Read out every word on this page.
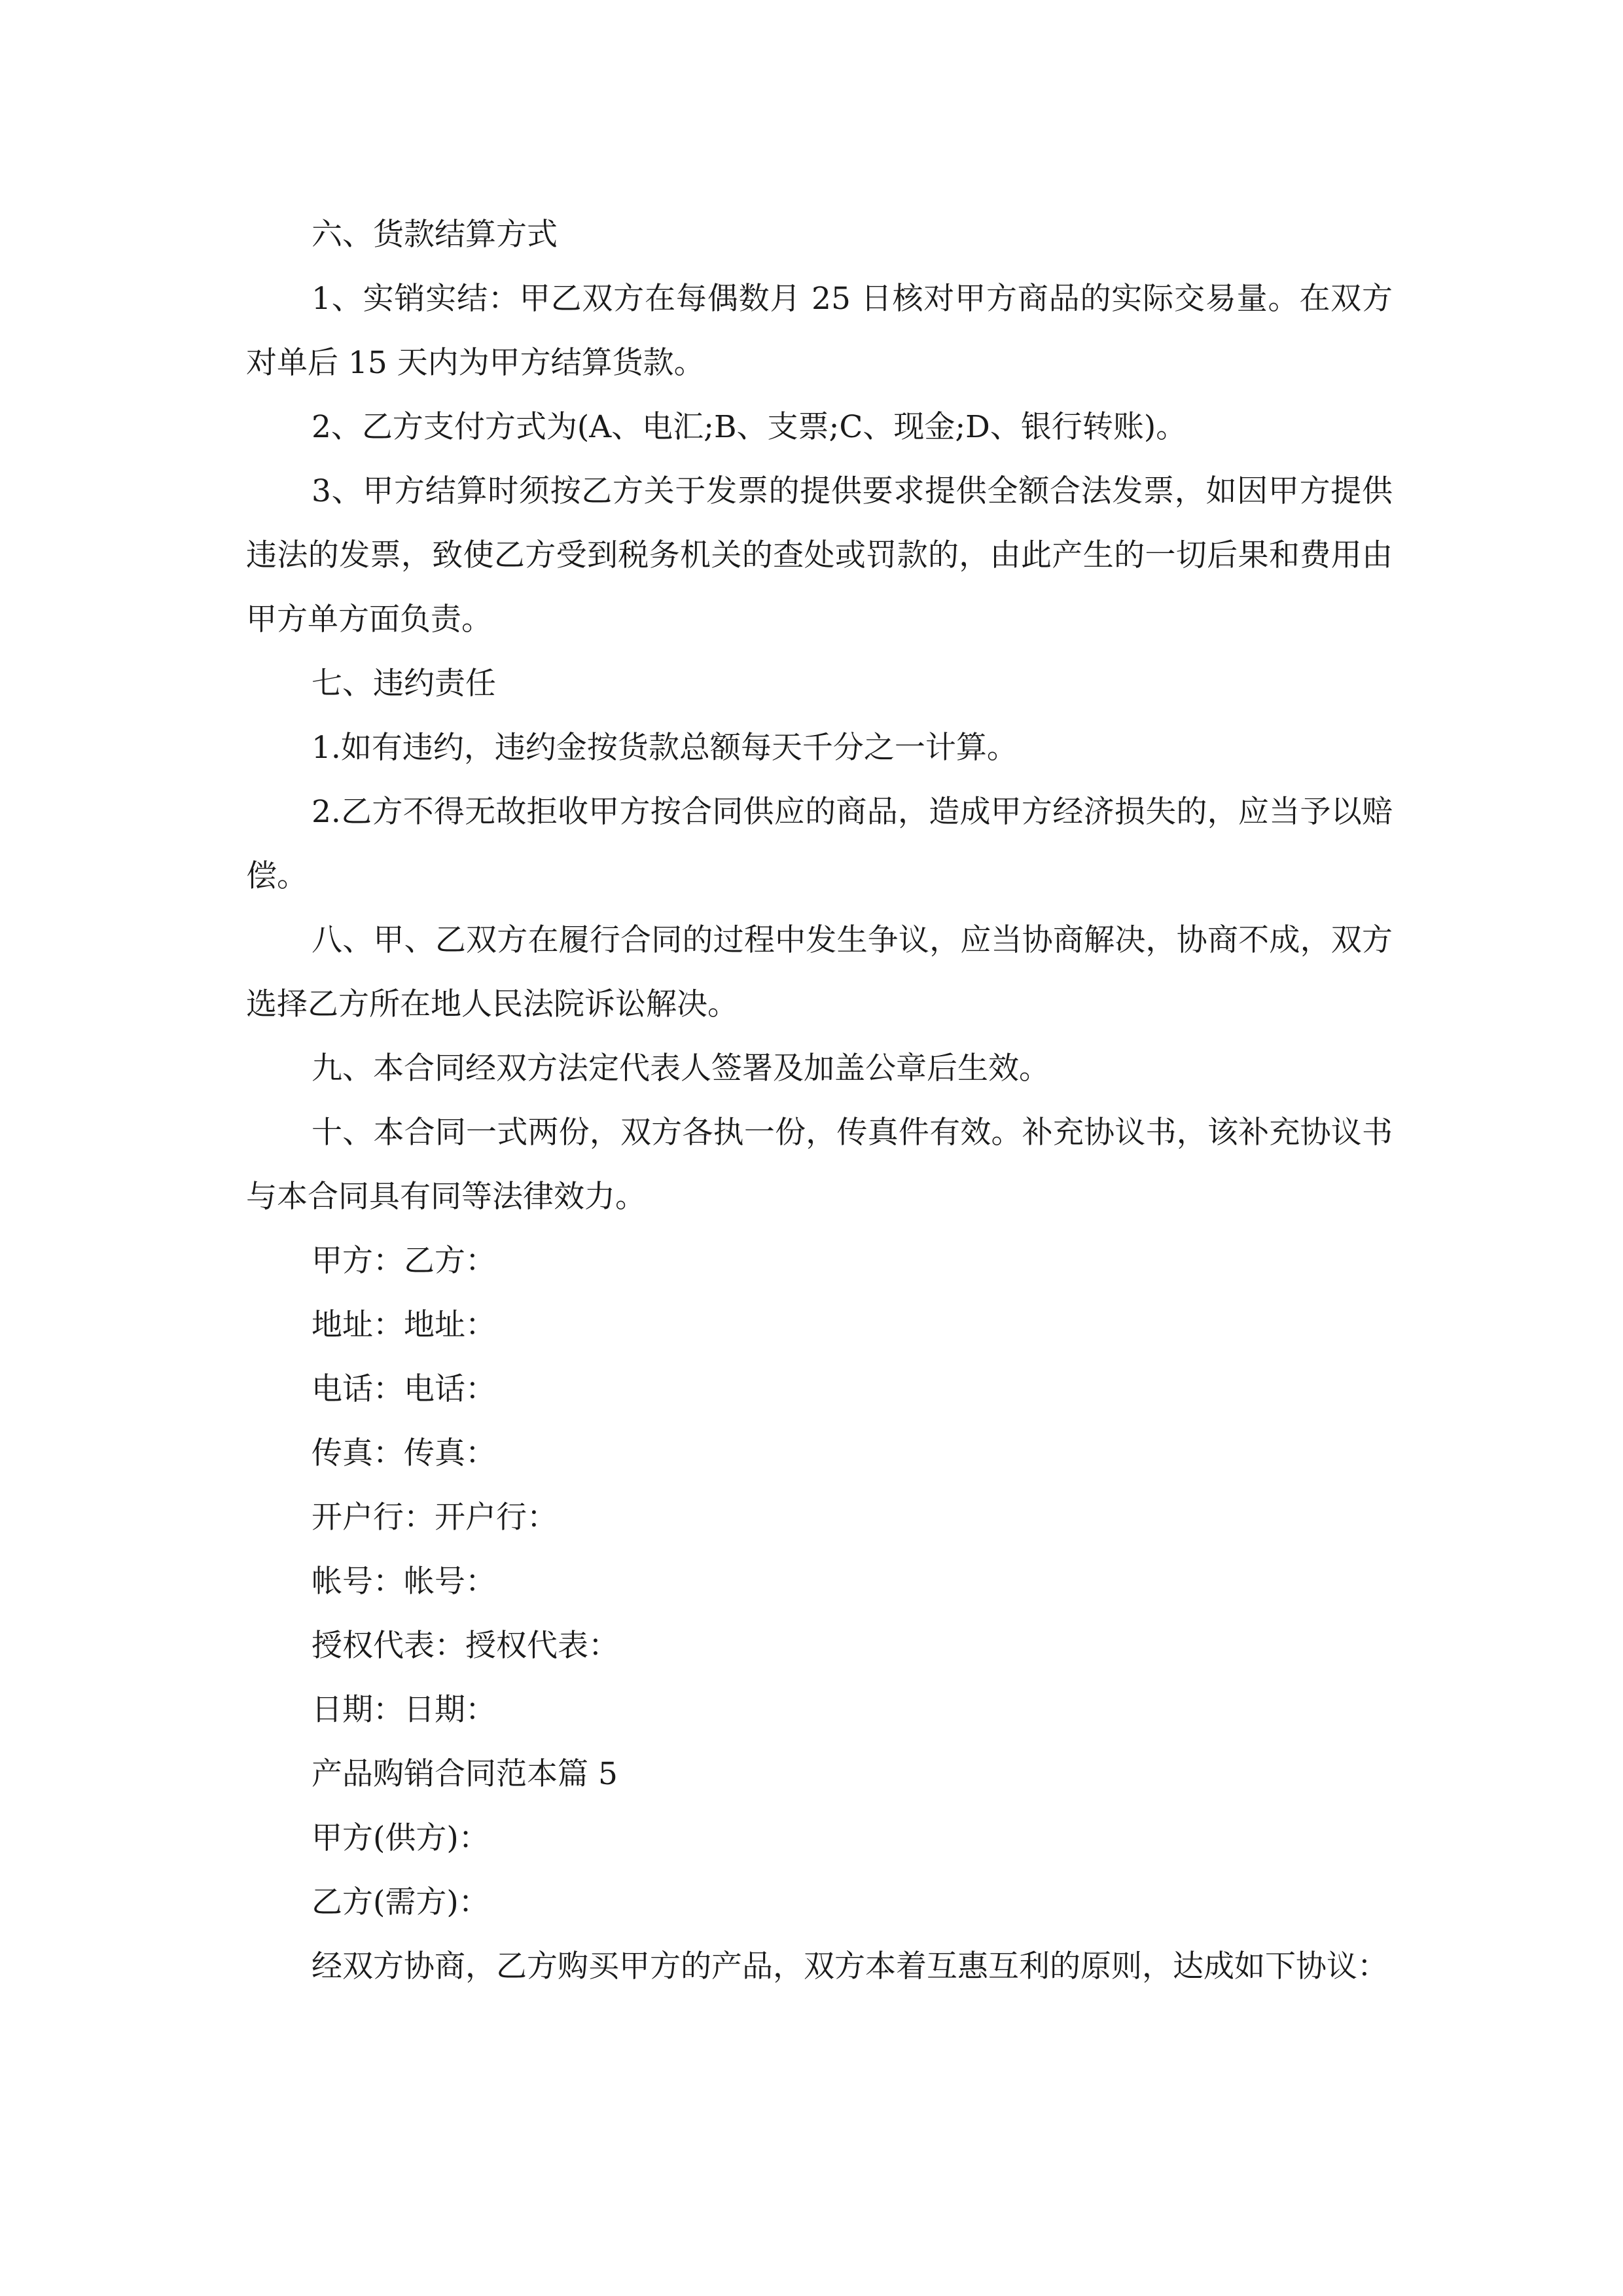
六、货款结算方式

1、实销实结：甲乙双方在每偶数月 25 日核对甲方商品的实际交易量。在双方对单后 15 天内为甲方结算货款。

2、乙方支付方式为(A、电汇;B、支票;C、现金;D、银行转账)。

3、甲方结算时须按乙方关于发票的提供要求提供全额合法发票，如因甲方提供违法的发票，致使乙方受到税务机关的查处或罚款的，由此产生的一切后果和费用由甲方单方面负责。

七、违约责任

1.如有违约，违约金按货款总额每天千分之一计算。

2.乙方不得无故拒收甲方按合同供应的商品，造成甲方经济损失的，应当予以赔偿。

八、甲、乙双方在履行合同的过程中发生争议，应当协商解决，协商不成，双方选择乙方所在地人民法院诉讼解决。

九、本合同经双方法定代表人签署及加盖公章后生效。

十、本合同一式两份，双方各执一份，传真件有效。补充协议书，该补充协议书与本合同具有同等法律效力。

甲方：乙方：

地址：地址：

电话：电话：

传真：传真：

开户行：开户行：

帐号：帐号：

授权代表：授权代表：

日期：日期：

产品购销合同范本篇 5

甲方(供方)：

乙方(需方)：

经双方协商，乙方购买甲方的产品，双方本着互惠互利的原则，达成如下协议：
